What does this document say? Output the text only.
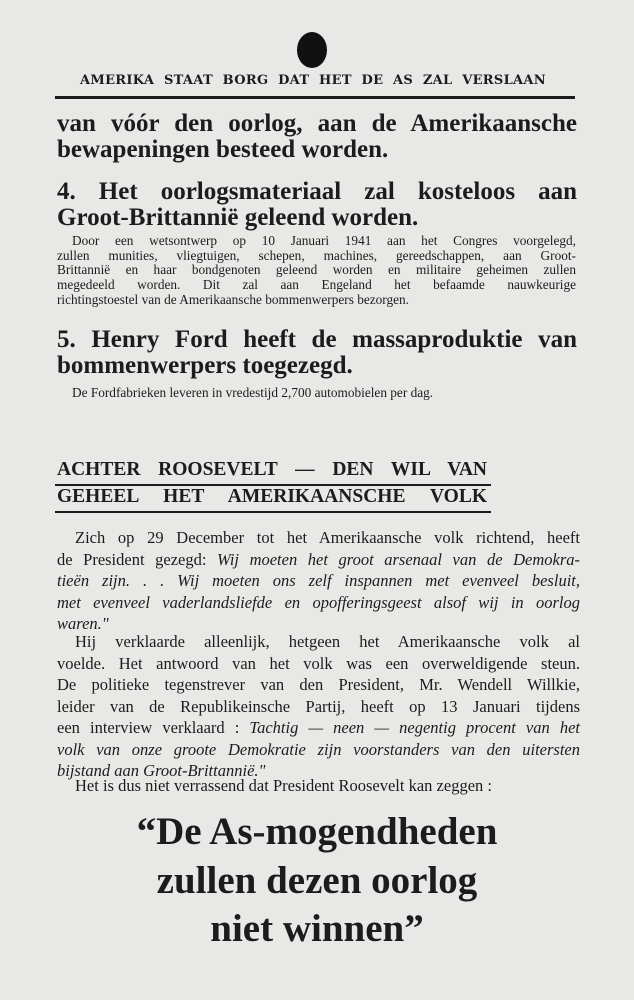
AMERIKA STAAT BORG DAT HET DE AS ZAL VERSLAAN
van vóór den oorlog, aan de Amerikaansche
bewapeningen besteed worden.
4. Het oorlogsmateriaal zal kosteloos aan
Groot-Brittannië geleend worden.
Door een wetsontwerp op 10 Januari 1941 aan het Congres voorgelegd,
zullen munities, vliegtuigen, schepen, machines, gereedschappen, aan Groot-
Brittannië en haar bondgenoten geleend worden en militaire geheimen zullen
megedeeld worden. Dit zal aan Engeland het befaamde nauwkeurige
richtingstoestel van de Amerikaansche bommenwerpers bezorgen.
5. Henry Ford heeft de massaproduktie van
bommenwerpers toegezegd.
De Fordfabrieken leveren in vredestijd 2,700 automobielen per dag.
ACHTER ROOSEVELT — DEN WIL VAN
GEHEEL HET AMERIKAANSCHE VOLK
Zich op 29 December tot het Amerikaansche volk richtend, heeft
de President gezegd: Wij moeten het groot arsenaal van de Demokra-
tieën zijn. . . Wij moeten ons zelf inspannen met evenveel besluit,
met evenveel vaderlandsliefde en opofferingsgeest alsof wij in oorlog
waren."
Hij verklaarde alleenlijk, hetgeen het Amerikaansche volk al
voelde. Het antwoord van het volk was een overweldigende steun.
De politieke tegenstrever van den President, Mr. Wendell Willkie,
leider van de Republikeinsche Partij, heeft op 13 Januari tijdens
een interview verklaard : Tachtig — neen — negentig procent van het
volk van onze groote Demokratie zijn voorstanders van den uitersten
bijstand aan Groot-Brittannië."
Het is dus niet verrassend dat President Roosevelt kan zeggen :
“De As-mogendheden
zullen dezen oorlog
niet winnen”
